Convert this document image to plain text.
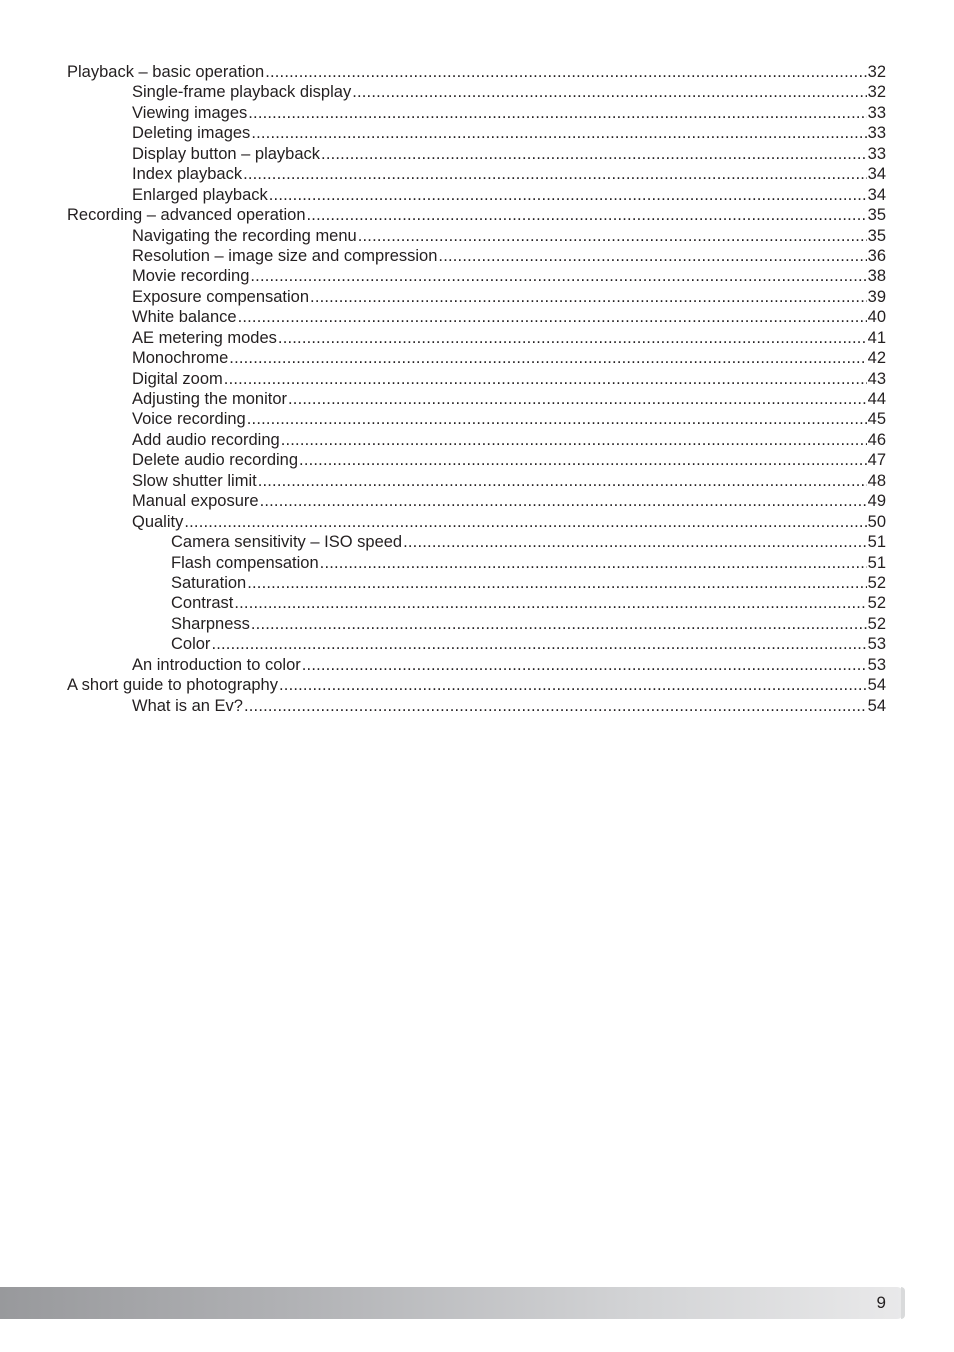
Playback – basic operation .....	32
Single-frame playback display .....	32
Viewing images .....	33
Deleting images .....	33
Display button – playback .....	33
Index playback .....	34
Enlarged playback .....	34
Recording – advanced operation .....	35
Navigating the recording menu .....	35
Resolution – image size and compression .....	36
Movie recording .....	38
Exposure compensation .....	39
White balance .....	40
AE metering modes .....	41
Monochrome .....	42
Digital zoom .....	43
Adjusting the monitor .....	44
Voice recording .....	45
Add audio recording .....	46
Delete audio recording .....	47
Slow shutter limit .....	48
Manual exposure .....	49
Quality .....	50
Camera sensitivity – ISO speed .....	51
Flash compensation .....	51
Saturation .....	52
Contrast .....	52
Sharpness .....	52
Color .....	53
An introduction to color .....	53
A short guide to photography .....	54
What is an Ev? .....	54
9
